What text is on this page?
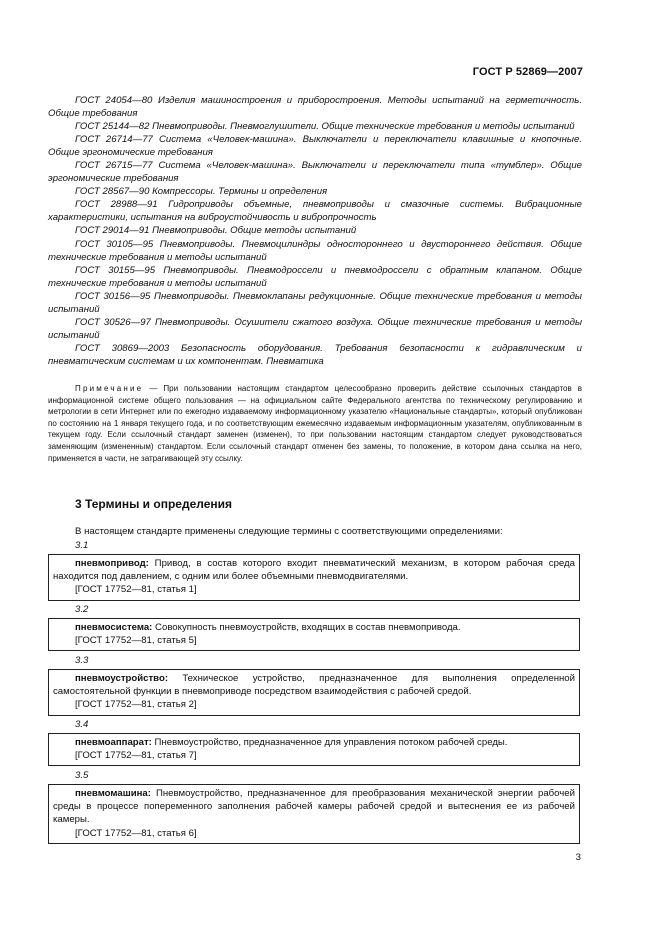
ГОСТ Р 52869—2007
ГОСТ 24054—80 Изделия машиностроения и приборостроения. Методы испытаний на герметичность. Общие требования
ГОСТ 25144—82 Пневмоприводы. Пневмоглушители. Общие технические требования и методы испытаний
ГОСТ 26714—77 Система «Человек-машина». Выключатели и переключатели клавишные и кнопочные. Общие эргономические требования
ГОСТ 26715—77 Система «Человек-машина». Выключатели и переключатели типа «тумблер». Общие эргономические требования
ГОСТ 28567—90 Компрессоры. Термины и определения
ГОСТ 28988—91 Гидроприводы объемные, пневмоприводы и смазочные системы. Вибрационные характеристики, испытания на виброустойчивость и вибропрочность
ГОСТ 29014—91 Пневмоприводы. Общие методы испытаний
ГОСТ 30105—95 Пневмоприводы. Пневмоцилиндры одностороннего и двустороннего действия. Общие технические требования и методы испытаний
ГОСТ 30155—95 Пневмоприводы. Пневмодроссели и пневмодроссели с обратным клапаном. Общие технические требования и методы испытаний
ГОСТ 30156—95 Пневмоприводы. Пневмоклапаны редукционные. Общие технические требования и методы испытаний
ГОСТ 30526—97 Пневмоприводы. Осушители сжатого воздуха. Общие технические требования и методы испытаний
ГОСТ 30869—2003 Безопасность оборудования. Требования безопасности к гидравлическим и пневматическим системам и их компонентам. Пневматика

Примечание — При пользовании настоящим стандартом целесообразно проверить действие ссылочных стандартов в информационной системе общего пользования — на официальном сайте Федерального агентства по техническому регулированию и метрологии в сети Интернет или по ежегодно издаваемому информационному указателю «Национальные стандарты», который опубликован по состоянию на 1 января текущего года, и по соответствующим ежемесячно издаваемым информационным указателям, опубликованным в текущем году. Если ссылочный стандарт заменен (изменен), то при пользовании настоящим стандартом следует руководствоваться заменяющим (измененным) стандартом. Если ссылочный стандарт отменен без замены, то положение, в котором дана ссылка на него, применяется в части, не затрагивающей эту ссылку.

3 Термины и определения
В настоящем стандарте применены следующие термины с соответствующими определениями:
3.1

пневмопривод: Привод, в состав которого входит пневматический механизм, в котором рабочая среда находится под давлением, с одним или более объемными пневмодвигателями.

[ГОСТ 17752—81, статья 1]

3.2

пневмосистема: Совокупность пневмоустройств, входящих в состав пневмопривода.

[ГОСТ 17752—81, статья 5]

3.3

пневмоустройство: Техническое устройство, предназначенное для выполнения определенной самостоятельной функции в пневмоприводе посредством взаимодействия с рабочей средой.

[ГОСТ 17752—81, статья 2]

3.4

пневмоаппарат: Пневмоустройство, предназначенное для управления потоком рабочей среды.

[ГОСТ 17752—81, статья 7]

3.5

пневмомашина: Пневмоустройство, предназначенное для преобразования механической энергии рабочей среды в процессе попеременного заполнения рабочей камеры рабочей средой и вытеснения ее из рабочей камеры.

[ГОСТ 17752—81, статья 6]

3
